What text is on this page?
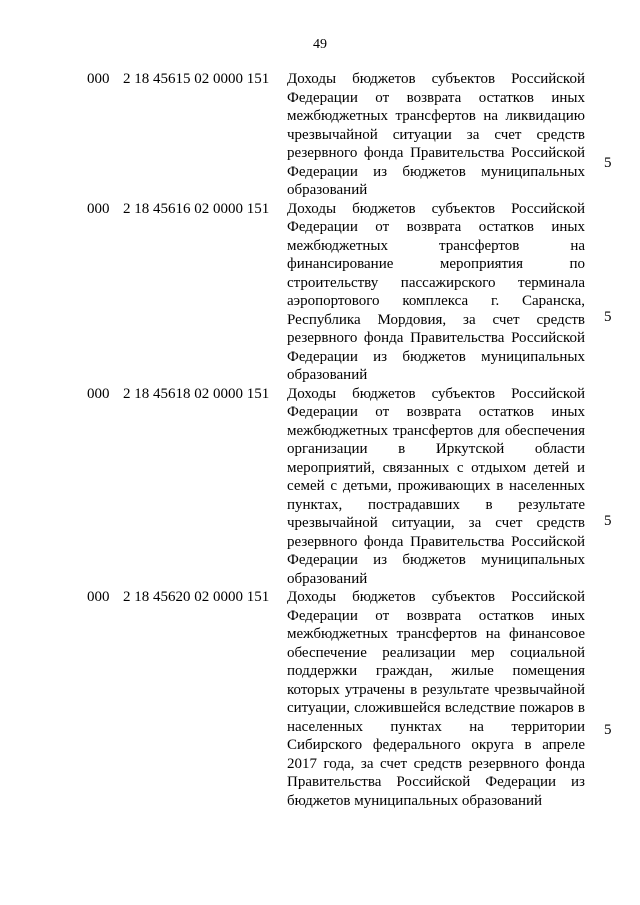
49
000 2 18 45615 02 0000 151 Доходы бюджетов субъектов Российской Федерации от возврата остатков иных межбюджетных трансфертов на ликвидацию чрезвычайной ситуации за счет средств резервного фонда Правительства Российской Федерации из бюджетов муниципальных образований
5
000 2 18 45616 02 0000 151 Доходы бюджетов субъектов Российской Федерации от возврата остатков иных межбюджетных трансфертов на финансирование мероприятия по строительству пассажирского терминала аэропортового комплекса г. Саранска, Республика Мордовия, за счет средств резервного фонда Правительства Российской Федерации из бюджетов муниципальных образований
5
000 2 18 45618 02 0000 151 Доходы бюджетов субъектов Российской Федерации от возврата остатков иных межбюджетных трансфертов для обеспечения организации в Иркутской области мероприятий, связанных с отдыхом детей и семей с детьми, проживающих в населенных пунктах, пострадавших в результате чрезвычайной ситуации, за счет средств резервного фонда Правительства Российской Федерации из бюджетов муниципальных образований
5
000 2 18 45620 02 0000 151 Доходы бюджетов субъектов Российской Федерации от возврата остатков иных межбюджетных трансфертов на финансовое обеспечение реализации мер социальной поддержки граждан, жилые помещения которых утрачены в результате чрезвычайной ситуации, сложившейся вследствие пожаров в населенных пунктах на территории Сибирского федерального округа в апреле 2017 года, за счет средств резервного фонда Правительства Российской Федерации из бюджетов муниципальных образований
5
